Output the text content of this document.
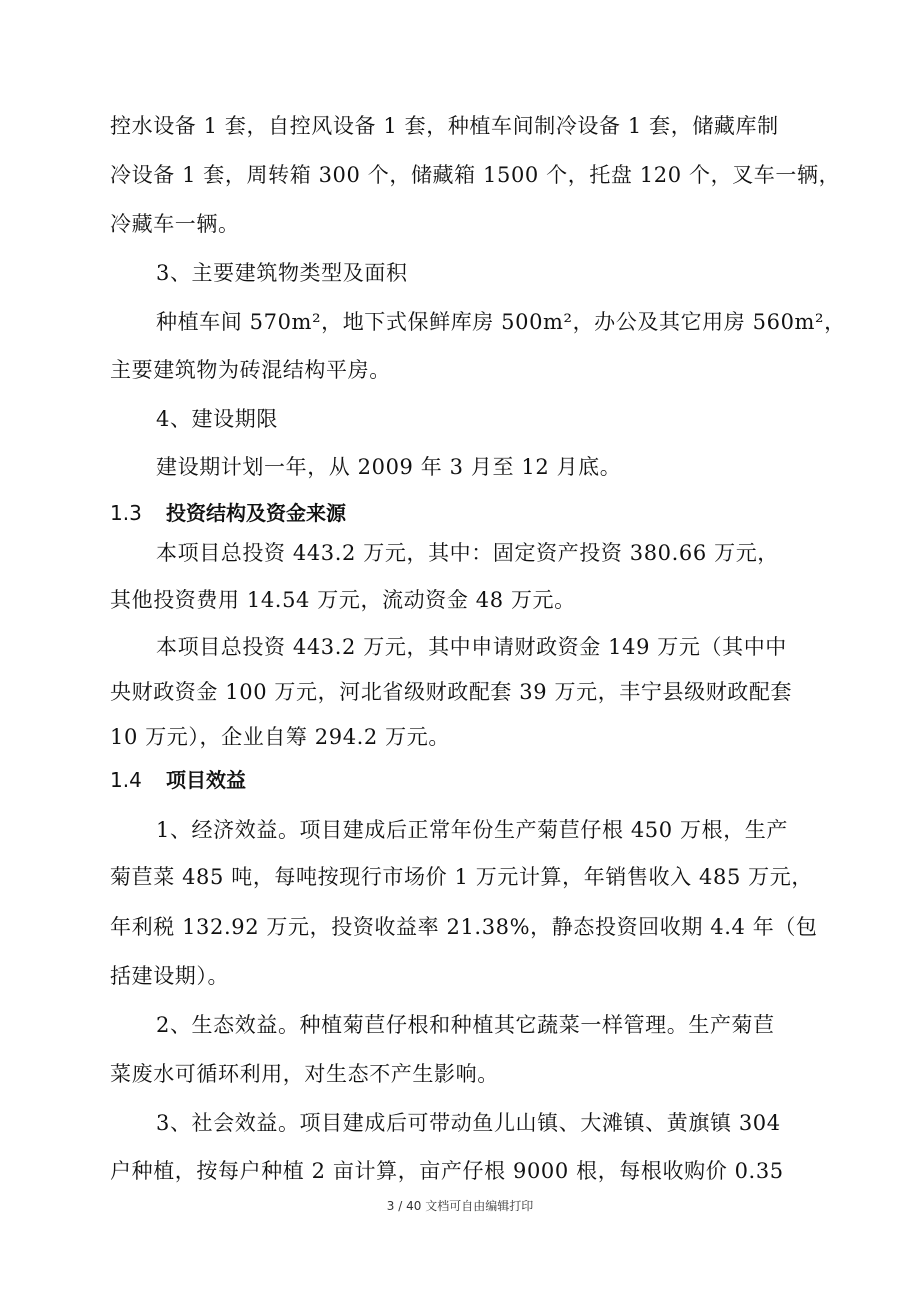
控水设备 1 套，自控风设备 1 套，种植车间制冷设备 1 套，储藏库制
冷设备 1 套，周转箱 300 个，储藏箱 1500 个，托盘 120 个，叉车一辆，
冷藏车一辆。
3、主要建筑物类型及面积
种植车间 570m²，地下式保鲜库房 500m²，办公及其它用房 560m²，
主要建筑物为砖混结构平房。
4、建设期限
建设期计划一年，从 2009 年 3 月至 12 月底。
1.3 投资结构及资金来源
本项目总投资 443.2 万元，其中：固定资产投资 380.66 万元，
其他投资费用 14.54 万元，流动资金 48 万元。
本项目总投资 443.2 万元，其中申请财政资金 149 万元（其中中
央财政资金 100 万元，河北省级财政配套 39 万元，丰宁县级财政配套
10 万元），企业自筹 294.2 万元。
1.4 项目效益
1、经济效益。项目建成后正常年份生产菊苣仔根 450 万根，生产
菊苣菜 485 吨，每吨按现行市场价 1 万元计算，年销售收入 485 万元，
年利税 132.92 万元，投资收益率 21.38%，静态投资回收期 4.4 年（包
括建设期）。
2、生态效益。种植菊苣仔根和种植其它蔬菜一样管理。生产菊苣
菜废水可循环利用，对生态不产生影响。
3、社会效益。项目建成后可带动鱼儿山镇、大滩镇、黄旗镇 304
户种植，按每户种植 2 亩计算，亩产仔根 9000 根，每根收购价 0.35
3 / 40 文档可自由编辑打印
